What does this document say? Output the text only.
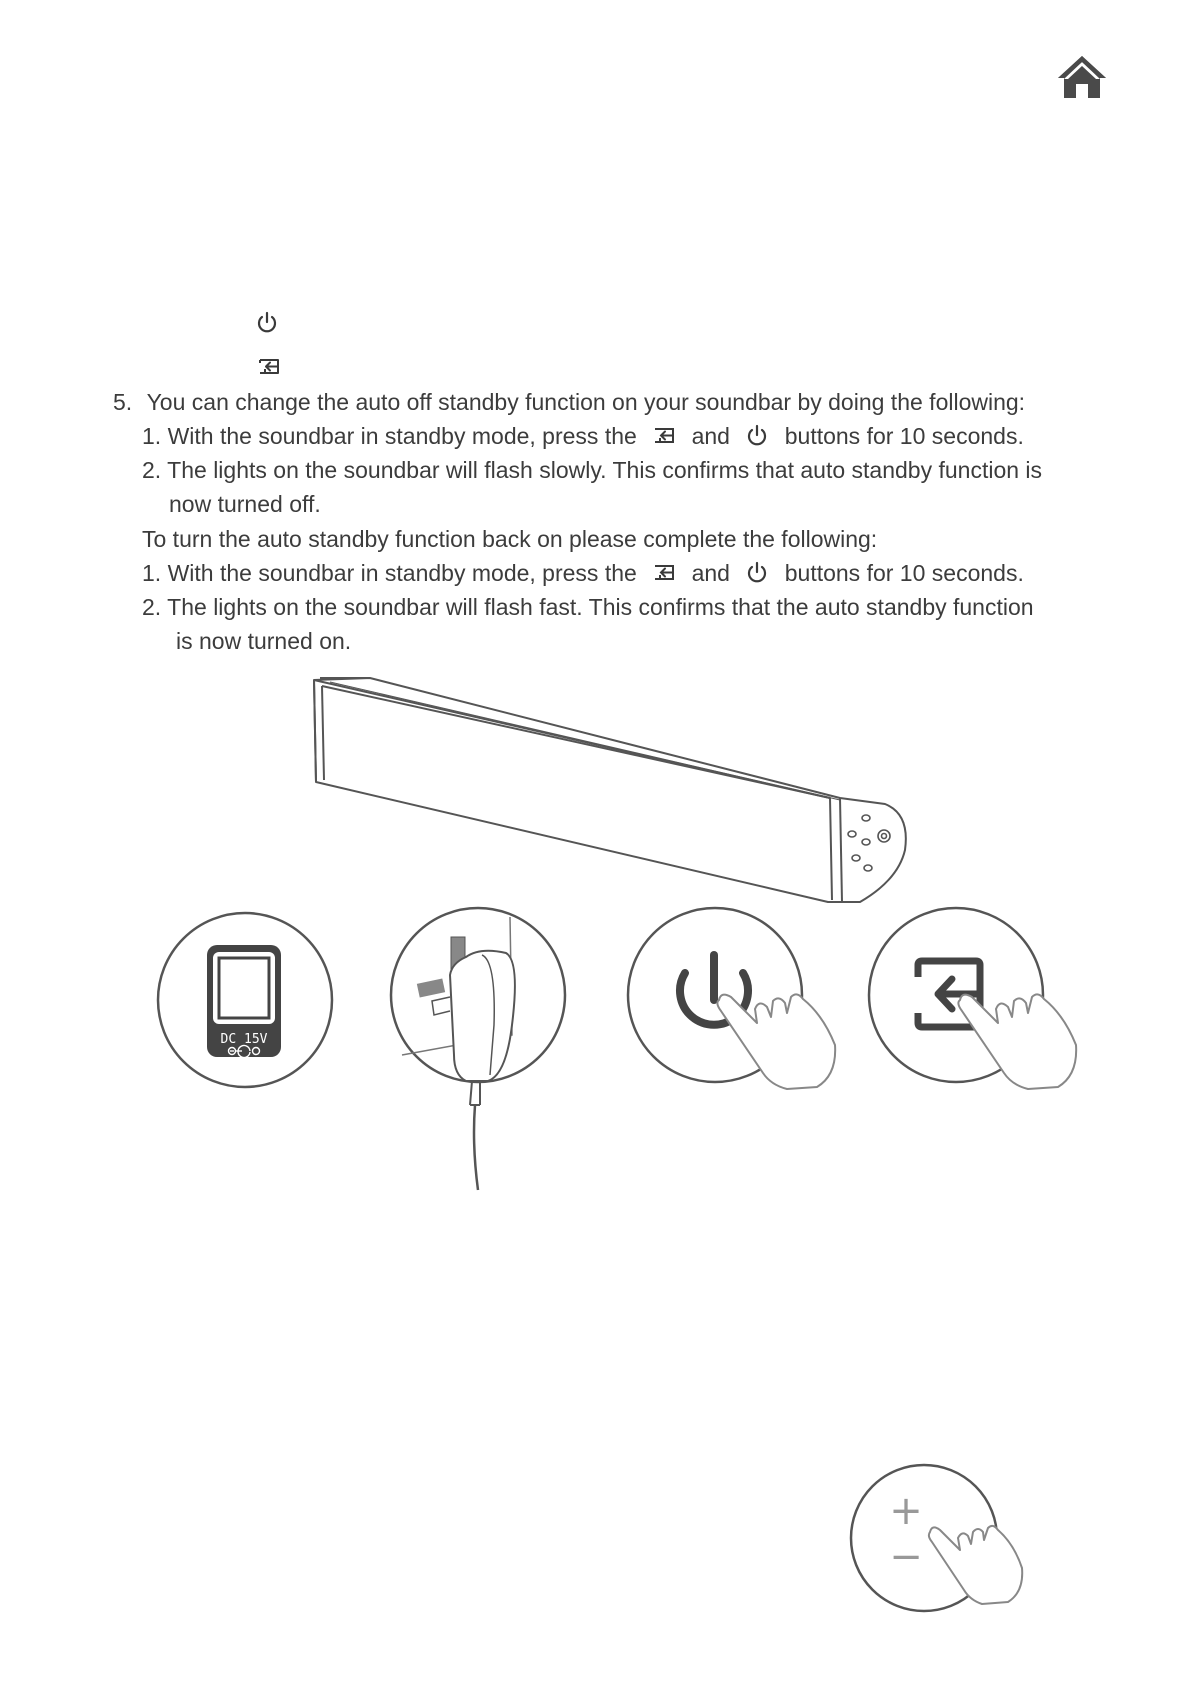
5. You can change the auto off standby function on your soundbar by doing the following:
1. With the soundbar in standby mode, press the and buttons for 10 seconds.
2. The lights on the soundbar will flash slowly. This confirms that auto standby function is
now turned off.
To turn the auto standby function back on please complete the following:
1. With the soundbar in standby mode, press the and buttons for 10 seconds.
2. The lights on the soundbar will flash fast. This confirms that the auto standby function
is now turned on.
DC 15V
+
−
